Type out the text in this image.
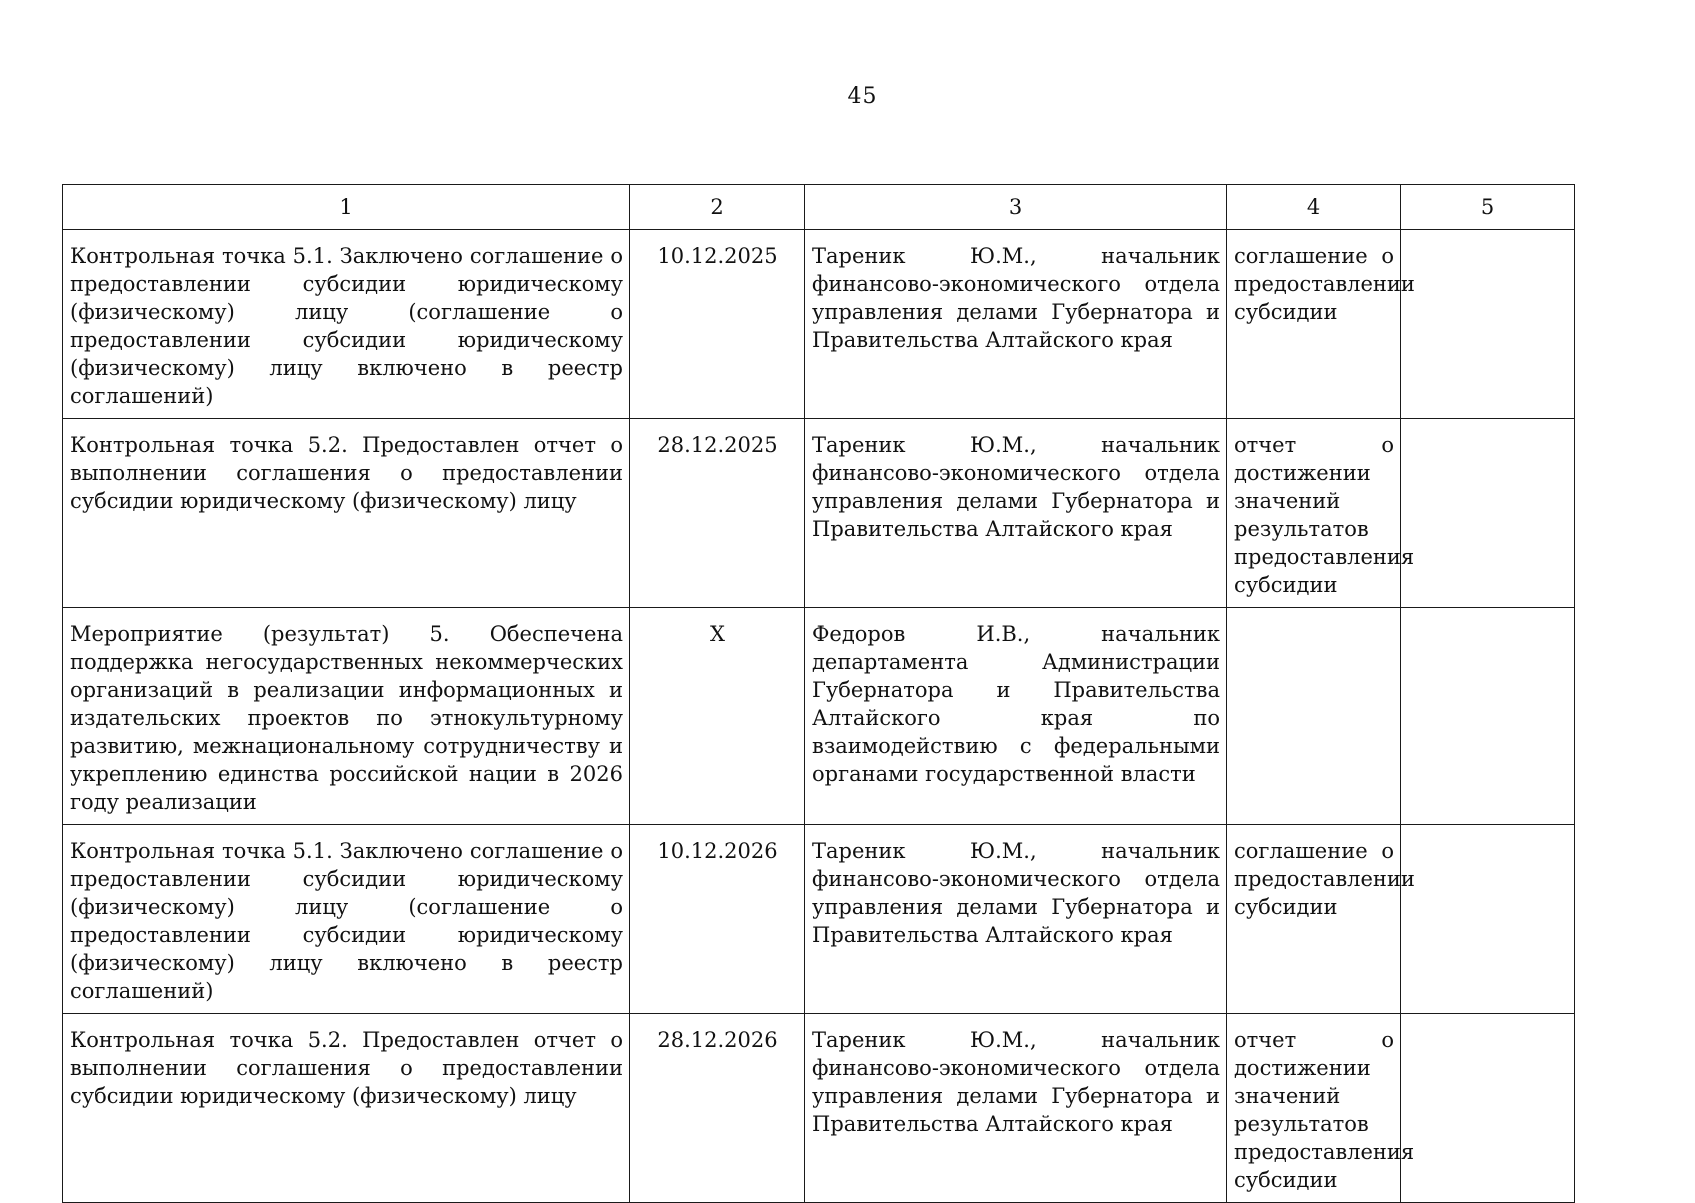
45
1	2	3	4	5
Контрольная точка 5.1. Заключено соглашение о предоставлении субсидии юридическому (физическому) лицу (соглашение о предоставлении субсидии юридическому (физическому) лицу включено в реестр соглашений)	10.12.2025	Тареник Ю.М., начальник финансово-экономического отдела управления делами Губернатора и Правительства Алтайского края	соглашение о предоставлении субсидии	
Контрольная точка 5.2. Предоставлен отчет о выполнении соглашения о предоставлении субсидии юридическому (физическому) лицу	28.12.2025	Тареник Ю.М., начальник финансово-экономического отдела управления делами Губернатора и Правительства Алтайского края	отчет о достижении значений результатов предоставления субсидии	
Мероприятие (результат) 5. Обеспечена поддержка негосударственных некоммерческих организаций в реализации информационных и издательских проектов по этнокультурному развитию, межнациональному сотрудничеству и укреплению единства российской нации в 2026 году реализации	X	Федоров И.В., начальник департамента Администрации Губернатора и Правительства Алтайского края по взаимодействию с федеральными органами государственной власти		
Контрольная точка 5.1. Заключено соглашение о предоставлении субсидии юридическому (физическому) лицу (соглашение о предоставлении субсидии юридическому (физическому) лицу включено в реестр соглашений)	10.12.2026	Тареник Ю.М., начальник финансово-экономического отдела управления делами Губернатора и Правительства Алтайского края	соглашение о предоставлении субсидии	
Контрольная точка 5.2. Предоставлен отчет о выполнении соглашения о предоставлении субсидии юридическому (физическому) лицу	28.12.2026	Тареник Ю.М., начальник финансово-экономического отдела управления делами Губернатора и Правительства Алтайского края	отчет о достижении значений результатов предоставления субсидии	
